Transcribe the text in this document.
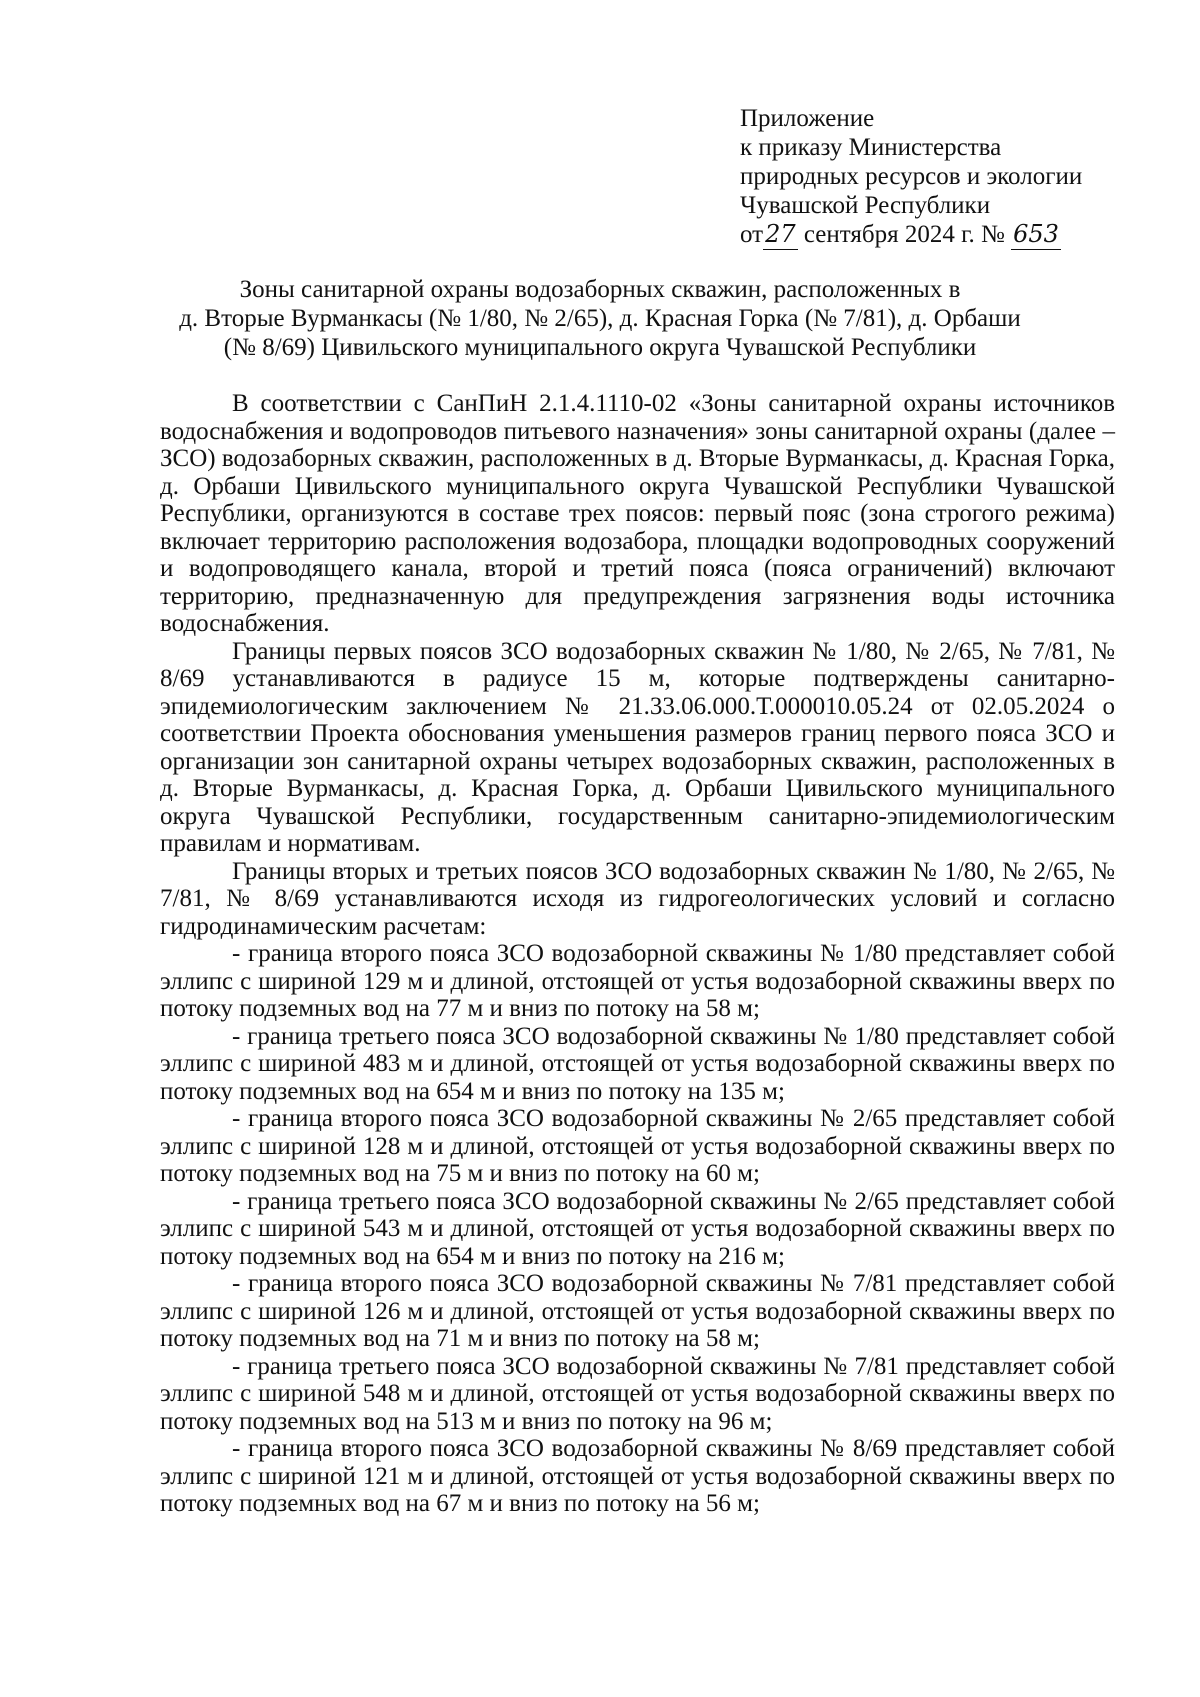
Приложение
к приказу Министерства
природных ресурсов и экологии
Чувашской Республики
от27 сентября 2024 г. № 653
Зоны санитарной охраны водозаборных скважин, расположенных в
д. Вторые Вурманкасы (№ 1/80, № 2/65), д. Красная Горка (№ 7/81), д. Орбаши
(№ 8/69) Цивильского муниципального округа Чувашской Республики

В соответствии с СанПиН 2.1.4.1110-02 «Зоны санитарной охраны источников водоснабжения и водопроводов питьевого назначения» зоны санитарной охраны (далее – ЗСО) водозаборных скважин, расположенных в д. Вторые Вурманкасы, д. Красная Горка, д. Орбаши Цивильского муниципального округа Чувашской Республики Чувашской Республики, организуются в составе трех поясов: первый пояс (зона строгого режима) включает территорию расположения водозабора, площадки водопроводных сооружений и водопроводящего канала, второй и третий пояса (пояса ограничений) включают территорию, предназначенную для предупреждения загрязнения воды источника водоснабжения.

Границы первых поясов ЗСО водозаборных скважин № 1/80, № 2/65, № 7/81, № 8/69 устанавливаются в радиусе 15 м, которые подтверждены санитарно-эпидемиологическим заключением № 21.33.06.000.Т.000010.05.24 от 02.05.2024 о соответствии Проекта обоснования уменьшения размеров границ первого пояса ЗСО и организации зон санитарной охраны четырех водозаборных скважин, расположенных в д. Вторые Вурманкасы, д. Красная Горка, д. Орбаши Цивильского муниципального округа Чувашской Республики, государственным санитарно-эпидемиологическим правилам и нормативам.

Границы вторых и третьих поясов ЗСО водозаборных скважин № 1/80, № 2/65, № 7/81, № 8/69 устанавливаются исходя из гидрогеологических условий и согласно гидродинамическим расчетам:

- граница второго пояса ЗСО водозаборной скважины № 1/80 представляет собой эллипс с шириной 129 м и длиной, отстоящей от устья водозаборной скважины вверх по потоку подземных вод на 77 м и вниз по потоку на 58 м;

- граница третьего пояса ЗСО водозаборной скважины № 1/80 представляет собой эллипс с шириной 483 м и длиной, отстоящей от устья водозаборной скважины вверх по потоку подземных вод на 654 м и вниз по потоку на 135 м;

- граница второго пояса ЗСО водозаборной скважины № 2/65 представляет собой эллипс с шириной 128 м и длиной, отстоящей от устья водозаборной скважины вверх по потоку подземных вод на 75 м и вниз по потоку на 60 м;

- граница третьего пояса ЗСО водозаборной скважины № 2/65 представляет собой эллипс с шириной 543 м и длиной, отстоящей от устья водозаборной скважины вверх по потоку подземных вод на 654 м и вниз по потоку на 216 м;

- граница второго пояса ЗСО водозаборной скважины № 7/81 представляет собой эллипс с шириной 126 м и длиной, отстоящей от устья водозаборной скважины вверх по потоку подземных вод на 71 м и вниз по потоку на 58 м;

- граница третьего пояса ЗСО водозаборной скважины № 7/81 представляет собой эллипс с шириной 548 м и длиной, отстоящей от устья водозаборной скважины вверх по потоку подземных вод на 513 м и вниз по потоку на 96 м;

- граница второго пояса ЗСО водозаборной скважины № 8/69 представляет собой эллипс с шириной 121 м и длиной, отстоящей от устья водозаборной скважины вверх по потоку подземных вод на 67 м и вниз по потоку на 56 м;
